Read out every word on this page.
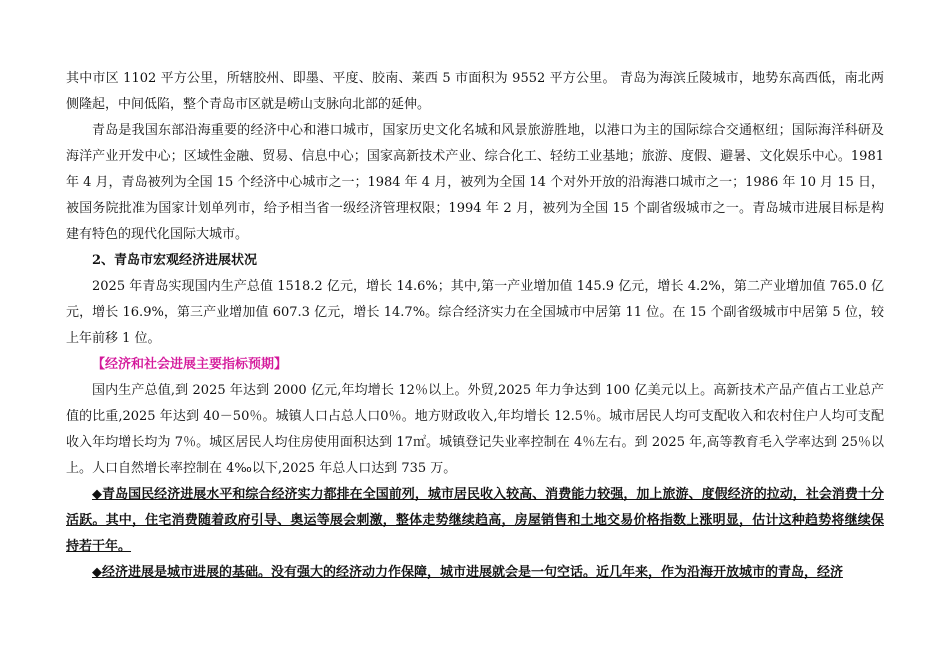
其中市区 1102 平方公里，所辖胶州、即墨、平度、胶南、莱西 5 市面积为 9552 平方公里。 青岛为海滨丘陵城市，地势东高西低，南北两侧隆起，中间低陷，整个青岛市区就是崂山支脉向北部的延伸。

青岛是我国东部沿海重要的经济中心和港口城市，国家历史文化名城和风景旅游胜地，以港口为主的国际综合交通枢纽；国际海洋科研及海洋产业开发中心；区域性金融、贸易、信息中心；国家高新技术产业、综合化工、轻纺工业基地；旅游、度假、避暑、文化娱乐中心。1981 年 4 月，青岛被列为全国 15 个经济中心城市之一；1984 年 4 月，被列为全国 14 个对外开放的沿海港口城市之一；1986 年 10 月 15 日，被国务院批准为国家计划单列市，给予相当省一级经济管理权限；1994 年 2 月，被列为全国 15 个副省级城市之一。青岛城市进展目标是构建有特色的现代化国际大城市。

2、青岛市宏观经济进展状况

2025 年青岛实现国内生产总值 1518.2 亿元，增长 14.6%；其中,第一产业增加值 145.9 亿元，增长 4.2%，第二产业增加值 765.0 亿元，增长 16.9%，第三产业增加值 607.3 亿元，增长 14.7%。综合经济实力在全国城市中居第 11 位。在 15 个副省级城市中居第 5 位，较上年前移 1 位。

【经济和社会进展主要指标预期】

国内生产总值,到 2025 年达到 2000 亿元,年均增长 12％以上。外贸,2025 年力争达到 100 亿美元以上。高新技术产品产值占工业总产值的比重,2025 年达到 40－50％。城镇人口占总人口0％。地方财政收入,年均增长 12.5％。城市居民人均可支配收入和农村住户人均可支配收入年均增长均为 7％。城区居民人均住房使用面积达到 17㎡。城镇登记失业率控制在 4％左右。到 2025 年,高等教育毛入学率达到 25％以上。人口自然增长率控制在 4‰以下,2025 年总人口达到 735 万。

◆青岛国民经济进展水平和综合经济实力都排在全国前列，城市居民收入较高、消费能力较强，加上旅游、度假经济的拉动，社会消费十分活跃。其中，住宅消费随着政府引导、奥运等展会刺激，整体走势继续趋高，房屋销售和土地交易价格指数上涨明显，估计这种趋势将继续保持若干年。

◆经济进展是城市进展的基础。没有强大的经济动力作保障，城市进展就会是一句空话。近几年来，作为沿海开放城市的青岛，经济
